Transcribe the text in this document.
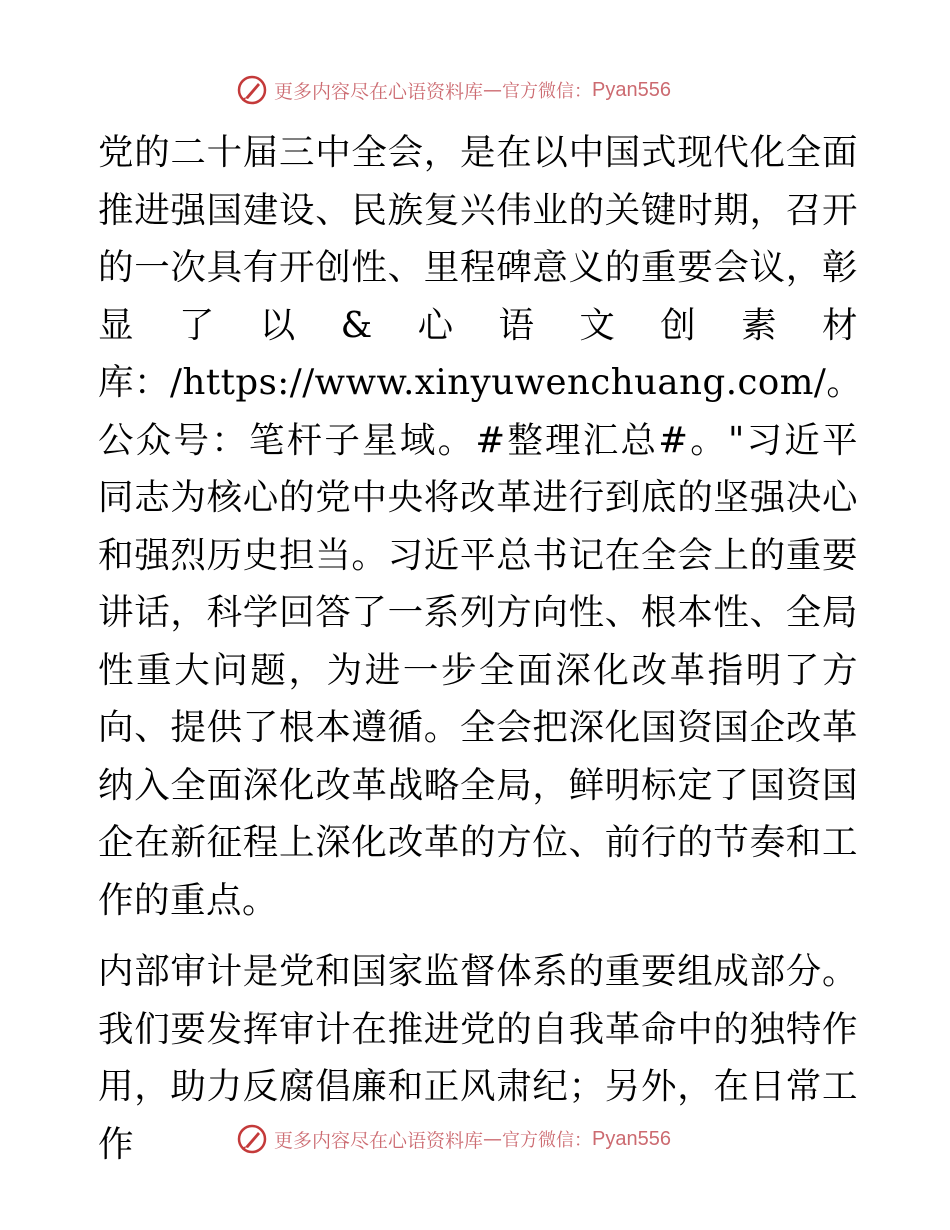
更多内容尽在心语资料库 — 官方微信： Pyan556

党的二十届三中全会，是在以中国式现代化全面推进强国建设、民族复兴伟业的关键时期，召开的一次具有开创性、里程碑意义的重要会议，彰显了以&心语文创素材库：/https://www.xinyuwenchuang.com/。公众号：笔杆子星域。#整理汇总#。"习近平同志为核心的党中央将改革进行到底的坚强决心和强烈历史担当。习近平总书记在全会上的重要讲话，科学回答了一系列方向性、根本性、全局性重大问题，为进一步全面深化改革指明了方向、提供了根本遵循。全会把深化国资国企改革纳入全面深化改革战略全局，鲜明标定了国资国企在新征程上深化改革的方位、前行的节奏和工作的重点。

内部审计是党和国家监督体系的重要组成部分。我们要发挥审计在推进党的自我革命中的独特作用，助力反腐倡廉和正风肃纪；另外，在日常工作	更多内容尽在心语资料库 — 官方微信： Pyan556
